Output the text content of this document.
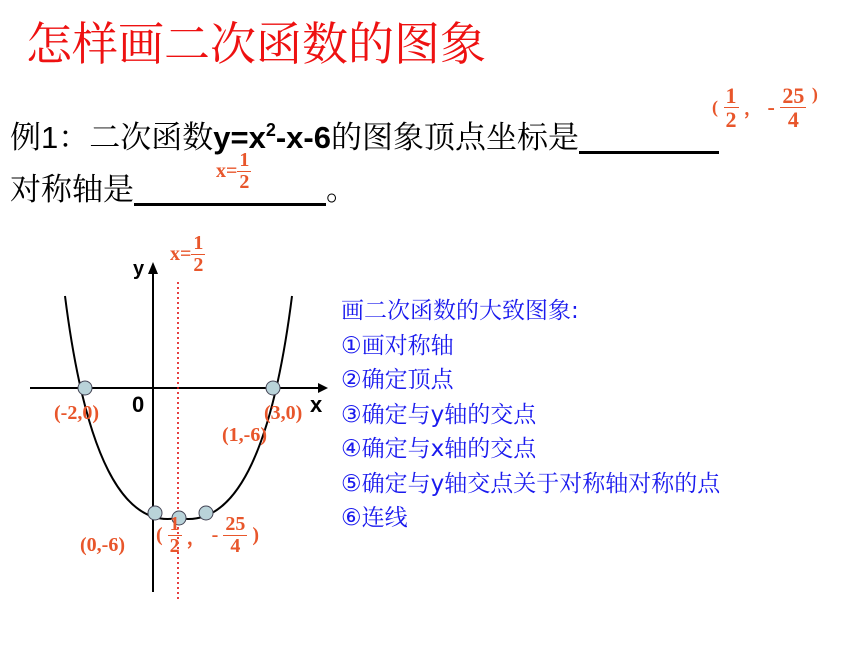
怎样画二次函数的图象
例1：二次函数$y=x^2-x-6$的图象顶点坐标是
( $\frac{1}{2}$ ， - $\frac{25}{4} ^)$
对称轴是	。
$x= \frac{1}{2}$
y
x
0
$x= \frac{1}{2}$
(-2,0)	(3,0)
(1,-6)
(0,-6) ( $\frac{1}{2}$ ， - $\frac{25}{4}$ )
画二次函数的大致图象:
①画对称轴
②确定顶点
③确定与y轴的交点
④确定与x轴的交点
⑤确定与y轴交点关于对称轴对称的点
⑥连线
